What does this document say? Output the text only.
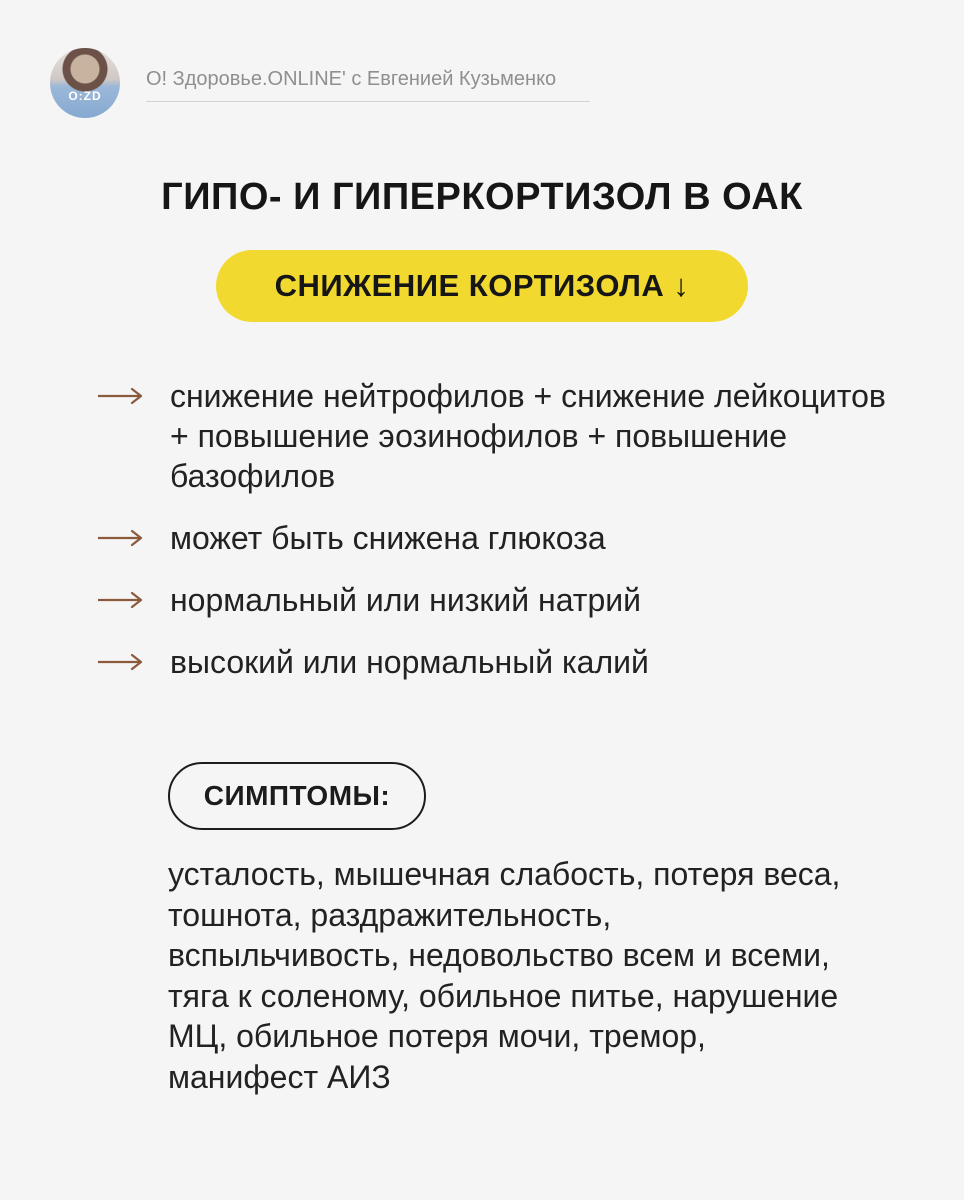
O:ZD
О! Здоровье.ONLINE' с Евгенией Кузьменко
ГИПО- И ГИПЕРКОРТИЗОЛ В ОАК
СНИЖЕНИЕ КОРТИЗОЛА ↓
снижение нейтрофилов + снижение лейкоцитов + повышение эозинофилов + повышение базофилов
может быть снижена глюкоза
нормальный или низкий натрий
высокий или нормальный калий
СИМПТОМЫ:
усталость, мышечная слабость, потеря веса, тошнота, раздражительность, вспыльчивость, недовольство всем и всеми, тяга к соленому, обильное питье, нарушение МЦ, обильное потеря мочи, тремор, манифест АИЗ
